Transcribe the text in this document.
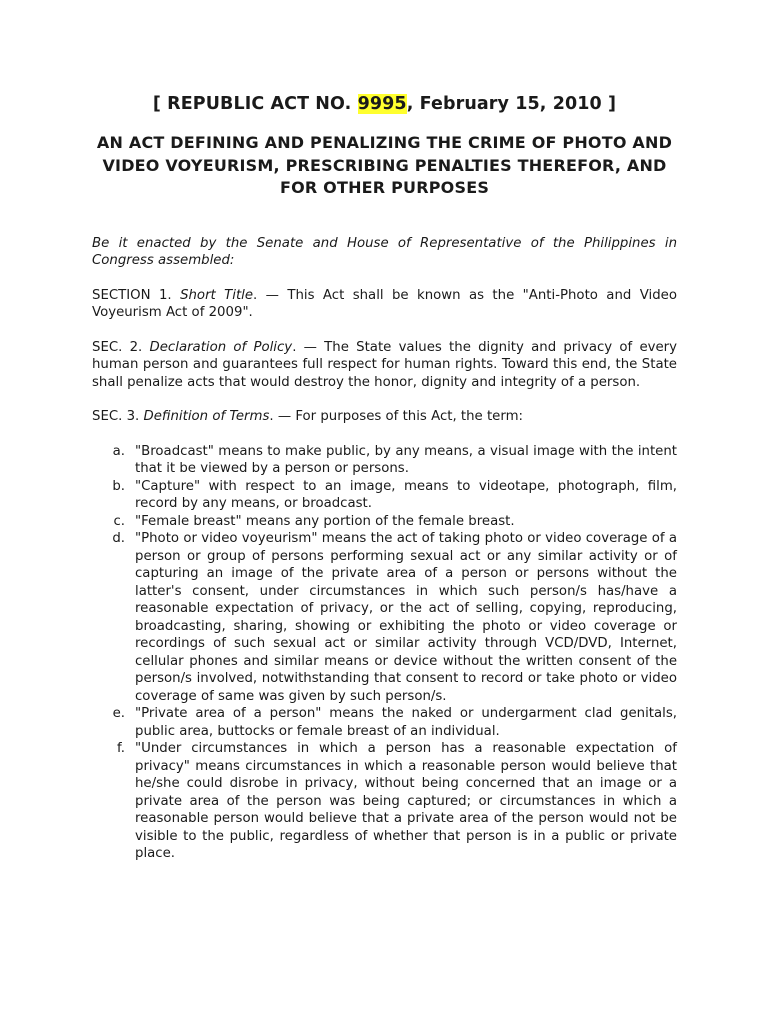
[ REPUBLIC ACT NO. 9995, February 15, 2010 ]
AN ACT DEFINING AND PENALIZING THE CRIME OF PHOTO AND VIDEO VOYEURISM, PRESCRIBING PENALTIES THEREFOR, AND FOR OTHER PURPOSES

Be it enacted by the Senate and House of Representative of the Philippines in Congress assembled:

SECTION 1. Short Title. — This Act shall be known as the "Anti-Photo and Video Voyeurism Act of 2009".

SEC. 2. Declaration of Policy. — The State values the dignity and privacy of every human person and guarantees full respect for human rights. Toward this end, the State shall penalize acts that would destroy the honor, dignity and integrity of a person.

SEC. 3. Definition of Terms. — For purposes of this Act, the term:

a. "Broadcast" means to make public, by any means, a visual image with the intent that it be viewed by a person or persons.
b. "Capture" with respect to an image, means to videotape, photograph, film, record by any means, or broadcast.
c. "Female breast" means any portion of the female breast.
d. "Photo or video voyeurism" means the act of taking photo or video coverage of a person or group of persons performing sexual act or any similar activity or of capturing an image of the private area of a person or persons without the latter's consent, under circumstances in which such person/s has/have a reasonable expectation of privacy, or the act of selling, copying, reproducing, broadcasting, sharing, showing or exhibiting the photo or video coverage or recordings of such sexual act or similar activity through VCD/DVD, Internet, cellular phones and similar means or device without the written consent of the person/s involved, notwithstanding that consent to record or take photo or video coverage of same was given by such person/s.
e. "Private area of a person" means the naked or undergarment clad genitals, public area, buttocks or female breast of an individual.
f. "Under circumstances in which a person has a reasonable expectation of privacy" means circumstances in which a reasonable person would believe that he/she could disrobe in privacy, without being concerned that an image or a private area of the person was being captured; or circumstances in which a reasonable person would believe that a private area of the person would not be visible to the public, regardless of whether that person is in a public or private place.
